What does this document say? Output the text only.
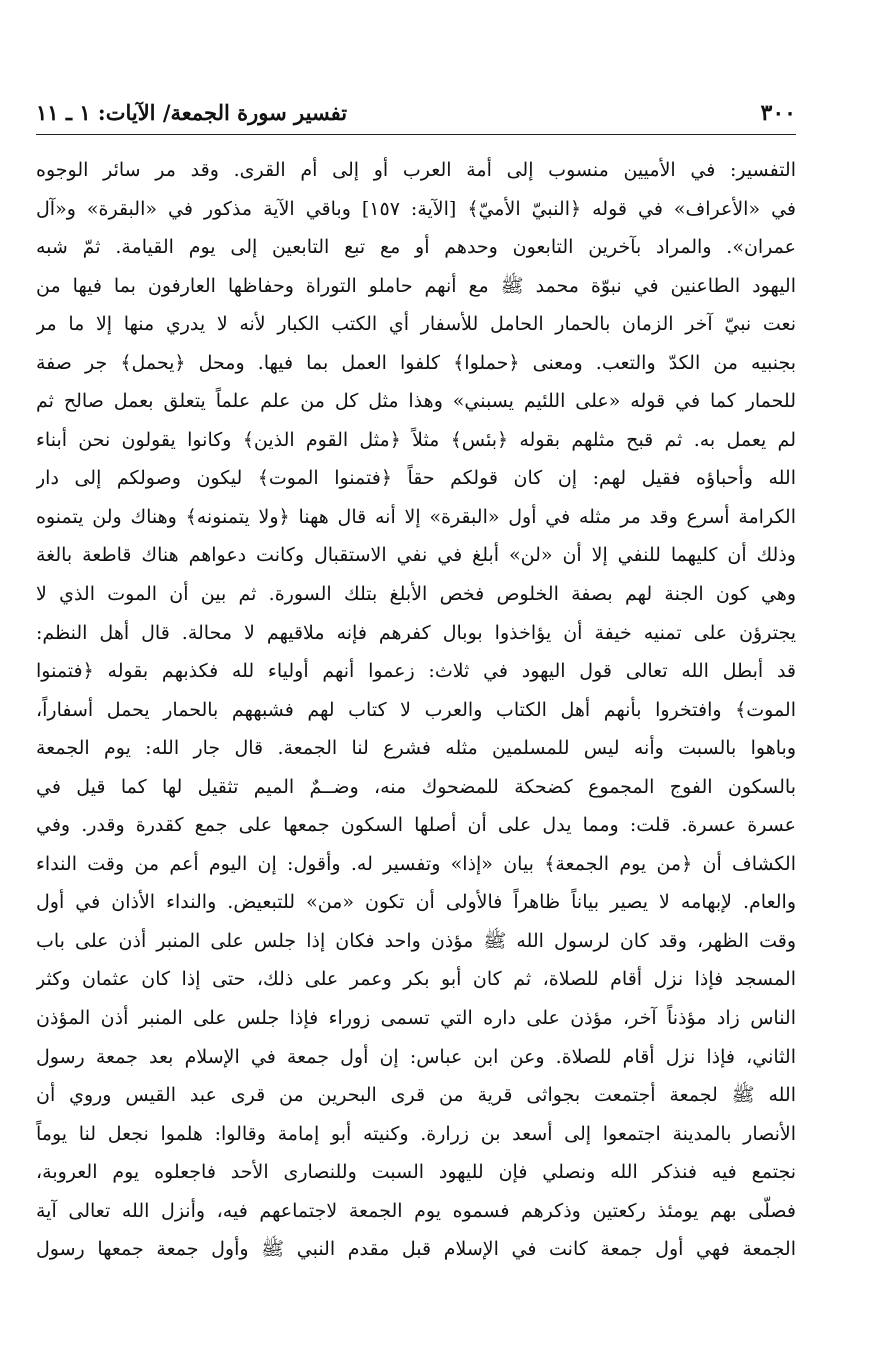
٣٠٠
تفسير سورة الجمعة/ الآيات: ١ ـ ١١
التفسير: في الأميين منسوب إلى أمة العرب أو إلى أم القرى. وقد مر سائر الوجوه
في «الأعراف» في قوله ﴿النبيّ الأميّ﴾ [الآية: ١٥٧] وباقي الآية مذكور في «البقرة» و«آل
عمران». والمراد بآخرين التابعون وحدهم أو مع تبع التابعين إلى يوم القيامة. ثمّ شبه
اليهود الطاعنين في نبوّة محمد ﷺ مع أنهم حاملو التوراة وحفاظها العارفون بما فيها من
نعت نبيّ آخر الزمان بالحمار الحامل للأسفار أي الكتب الكبار لأنه لا يدري منها إلا ما مر
بجنبيه من الكدّ والتعب. ومعنى ﴿حملوا﴾ كلفوا العمل بما فيها. ومحل ﴿يحمل﴾ جر صفة
للحمار كما في قوله «على اللئيم يسبني» وهذا مثل كل من علم علماً يتعلق بعمل صالح ثم
لم يعمل به. ثم قبح مثلهم بقوله ﴿بئس﴾ مثلاً ﴿مثل القوم الذين﴾ وكانوا يقولون نحن أبناء
الله وأحباؤه فقيل لهم: إن كان قولكم حقاً ﴿فتمنوا الموت﴾ ليكون وصولكم إلى دار
الكرامة أسرع وقد مر مثله في أول «البقرة» إلا أنه قال ههنا ﴿ولا يتمنونه﴾ وهناك ولن يتمنوه
وذلك أن كليهما للنفي إلا أن «لن» أبلغ في نفي الاستقبال وكانت دعواهم هناك قاطعة بالغة
وهي كون الجنة لهم بصفة الخلوص فخص الأبلغ بتلك السورة. ثم بين أن الموت الذي لا
يجترؤن على تمنيه خيفة أن يؤاخذوا بوبال كفرهم فإنه ملاقيهم لا محالة. قال أهل النظم:
قد أبطل الله تعالى قول اليهود في ثلاث: زعموا أنهم أولياء لله فكذبهم بقوله ﴿فتمنوا
الموت﴾ وافتخروا بأنهم أهل الكتاب والعرب لا كتاب لهم فشبههم بالحمار يحمل أسفاراً،
وباهوا بالسبت وأنه ليس للمسلمين مثله فشرع لنا الجمعة. قال جار الله: يوم الجمعة
بالسكون الفوج المجموع كضحكة للمضحوك منه، وضــمٌ الميم تثقيل لها كما قيل في
عسرة عسرة. قلت: ومما يدل على أن أصلها السكون جمعها على جمع كقدرة وقدر. وفي
الكشاف أن ﴿من يوم الجمعة﴾ بيان «إذا» وتفسير له. وأقول: إن اليوم أعم من وقت النداء
والعام. لإبهامه لا يصير بياناً ظاهراً فالأولى أن تكون «من» للتبعيض. والنداء الأذان في أول
وقت الظهر، وقد كان لرسول الله ﷺ مؤذن واحد فكان إذا جلس على المنبر أذن على باب
المسجد فإذا نزل أقام للصلاة، ثم كان أبو بكر وعمر على ذلك، حتى إذا كان عثمان وكثر
الناس زاد مؤذناً آخر، مؤذن على داره التي تسمى زوراء فإذا جلس على المنبر أذن المؤذن
الثاني، فإذا نزل أقام للصلاة. وعن ابن عباس: إن أول جمعة في الإسلام بعد جمعة رسول
الله ﷺ لجمعة أجتمعت بجواثى قرية من قرى البحرين من قرى عبد القيس وروي أن
الأنصار بالمدينة اجتمعوا إلى أسعد بن زرارة. وكنيته أبو إمامة وقالوا: هلموا نجعل لنا يوماً
نجتمع فيه فنذكر الله ونصلي فإن لليهود السبت وللنصارى الأحد فاجعلوه يوم العروبة،
فصلّى بهم يومئذ ركعتين وذكرهم فسموه يوم الجمعة لاجتماعهم فيه، وأنزل الله تعالى آية
الجمعة فهي أول جمعة كانت في الإسلام قبل مقدم النبي ﷺ وأول جمعة جمعها رسول
